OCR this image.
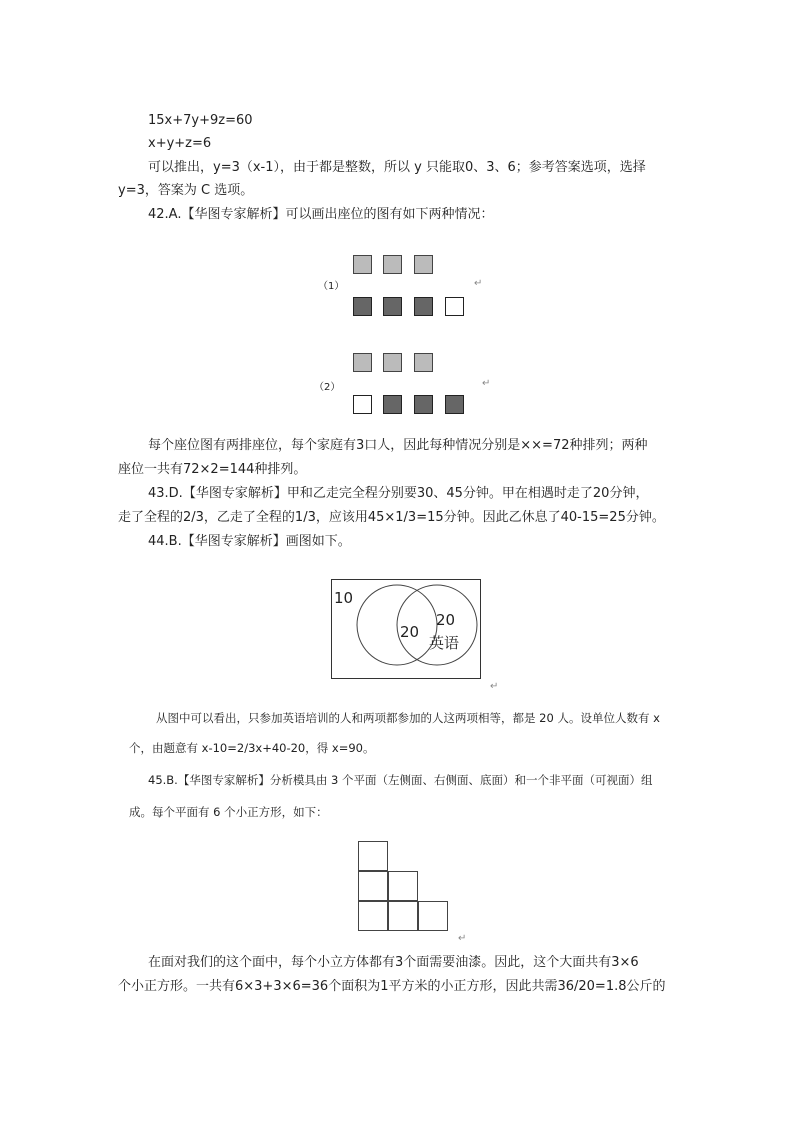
15x+7y+9z=60
x+y+z=6
可以推出，y=3（x-1），由于都是整数，所以 y 只能取0、3、6；参考答案选项，选择
y=3，答案为 C 选项。
42.A.【华图专家解析】可以画出座位的图有如下两种情况：
（1）	↵
（2）	↵
每个座位图有两排座位，每个家庭有3口人，因此每种情况分别是××=72种排列；两种
座位一共有72×2=144种排列。
43.D.【华图专家解析】甲和乙走完全程分别要30、45分钟。甲在相遇时走了20分钟，
走了全程的2/3，乙走了全程的1/3，应该用45×1/3=15分钟。因此乙休息了40-15=25分钟。
44.B.【华图专家解析】画图如下。
10
20
20
英语
↵
从图中可以看出，只参加英语培训的人和两项都参加的人这两项相等，都是 20 人。设单位人数有 x
个，由题意有 x-10=2/3x+40-20，得 x=90。
45.B.【华图专家解析】分析模具由 3 个平面（左侧面、右侧面、底面）和一个非平面（可视面）组
成。每个平面有 6 个小正方形，如下：
↵
在面对我们的这个面中，每个小立方体都有3个面需要油漆。因此，这个大面共有3×6
个小正方形。一共有6×3+3×6=36个面积为1平方米的小正方形，因此共需36/20=1.8公斤的
